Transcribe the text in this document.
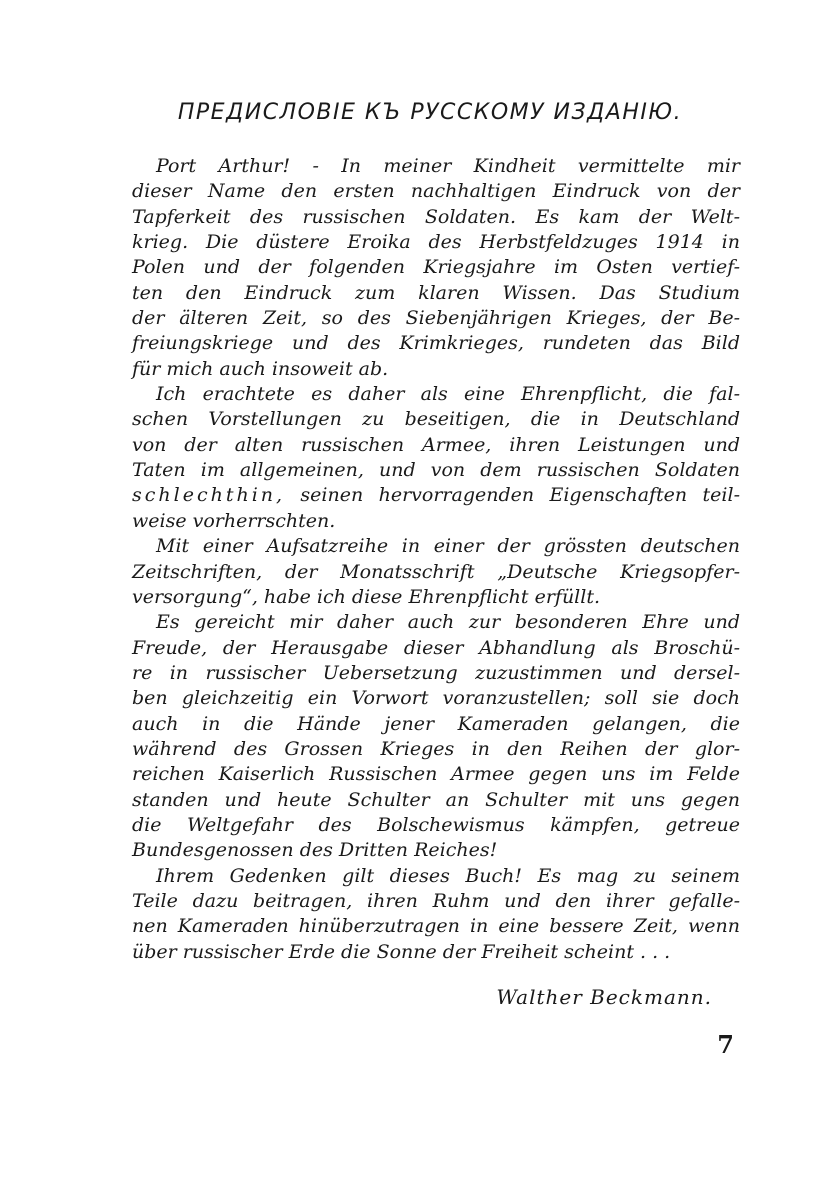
ПРЕДИСЛОВIЕ КЪ РУССКОМУ ИЗДАНIЮ.
Port Arthur! - In meiner Kindheit vermittelte mir
dieser Name den ersten nachhaltigen Eindruck von der
Tapferkeit des russischen Soldaten. Es kam der Welt-
krieg. Die düstere Eroika des Herbstfeldzuges 1914 in
Polen und der folgenden Kriegsjahre im Osten vertief-
ten den Eindruck zum klaren Wissen. Das Studium
der älteren Zeit, so des Siebenjährigen Krieges, der Be-
freiungskriege und des Krimkrieges, rundeten das Bild
für mich auch insoweit ab.
Ich erachtete es daher als eine Ehrenpflicht, die fal-
schen Vorstellungen zu beseitigen, die in Deutschland
von der alten russischen Armee, ihren Leistungen und
Taten im allgemeinen, und von dem russischen Soldaten
schlechthin, seinen hervorragenden Eigenschaften teil-
weise vorherrschten.
Mit einer Aufsatzreihe in einer der grössten deutschen
Zeitschriften, der Monatsschrift „Deutsche Kriegsopfer-
versorgung“, habe ich diese Ehrenpflicht erfüllt.
Es gereicht mir daher auch zur besonderen Ehre und
Freude, der Herausgabe dieser Abhandlung als Broschü-
re in russischer Uebersetzung zuzustimmen und dersel-
ben gleichzeitig ein Vorwort voranzustellen; soll sie doch
auch in die Hände jener Kameraden gelangen, die
während des Grossen Krieges in den Reihen der glor-
reichen Kaiserlich Russischen Armee gegen uns im Felde
standen und heute Schulter an Schulter mit uns gegen
die Weltgefahr des Bolschewismus kämpfen, getreue
Bundesgenossen des Dritten Reiches!
Ihrem Gedenken gilt dieses Buch! Es mag zu seinem
Teile dazu beitragen, ihren Ruhm und den ihrer gefalle-
nen Kameraden hinüberzutragen in eine bessere Zeit, wenn
über russischer Erde die Sonne der Freiheit scheint . . .
Walther Beckmann.
7
